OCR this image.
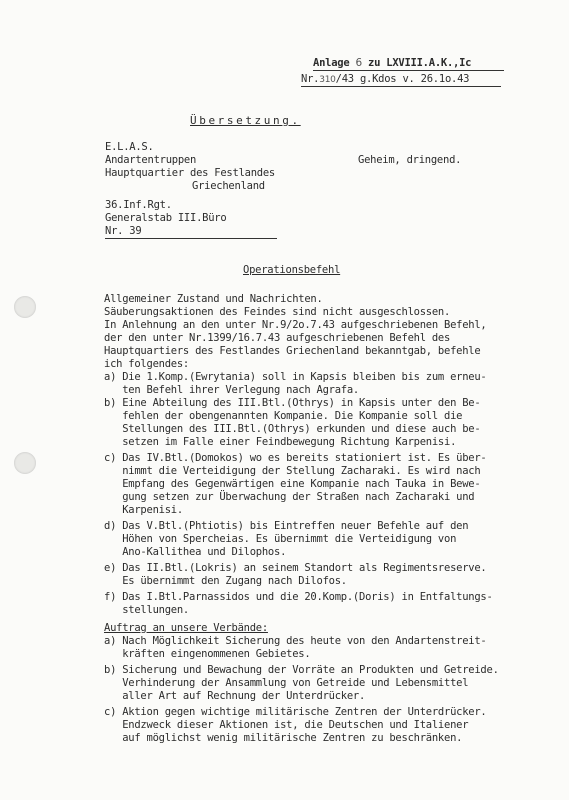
Anlage 6 zu LXVIII.A.K.,Ic
Nr.310/43 g.Kdos v. 26.1o.43
Übersetzung.
E.L.A.S.
Andartentruppen	Geheim, dringend.
Hauptquartier des Festlandes
Griechenland
36.Inf.Rgt.
Generalstab III.Büro
Nr. 39
Operationsbefehl
Allgemeiner Zustand und Nachrichten.
Säuberungsaktionen des Feindes sind nicht ausgeschlossen.
In Anlehnung an den unter Nr.9/2o.7.43 aufgeschriebenen Befehl,
der den unter Nr.1399/16.7.43 aufgeschriebenen Befehl des
Hauptquartiers des Festlandes Griechenland bekanntgab, befehle
ich folgendes:
a) Die 1.Komp.(Ewrytania) soll in Kapsis bleiben bis zum erneu-
ten Befehl ihrer Verlegung nach Agrafa.
b) Eine Abteilung des III.Btl.(Othrys) in Kapsis unter den Be-
fehlen der obengenannten Kompanie. Die Kompanie soll die
Stellungen des III.Btl.(Othrys) erkunden und diese auch be-
setzen im Falle einer Feindbewegung Richtung Karpenisi.
c) Das IV.Btl.(Domokos) wo es bereits stationiert ist. Es über-
nimmt die Verteidigung der Stellung Zacharaki. Es wird nach
Empfang des Gegenwärtigen eine Kompanie nach Tauka in Bewe-
gung setzen zur Überwachung der Straßen nach Zacharaki und
Karpenisi.
d) Das V.Btl.(Phtiotis) bis Eintreffen neuer Befehle auf den
Höhen von Spercheias. Es übernimmt die Verteidigung von
Ano-Kallithea und Dilophos.
e) Das II.Btl.(Lokris) an seinem Standort als Regimentsreserve.
Es übernimmt den Zugang nach Dilofos.
f) Das I.Btl.Parnassidos und die 20.Komp.(Doris) in Entfaltungs-
stellungen.
Auftrag an unsere Verbände:
a) Nach Möglichkeit Sicherung des heute von den Andartenstreit-
kräften eingenommenen Gebietes.
b) Sicherung und Bewachung der Vorräte an Produkten und Getreide.
Verhinderung der Ansammlung von Getreide und Lebensmittel
aller Art auf Rechnung der Unterdrücker.
c) Aktion gegen wichtige militärische Zentren der Unterdrücker.
Endzweck dieser Aktionen ist, die Deutschen und Italiener
auf möglichst wenig militärische Zentren zu beschränken.
